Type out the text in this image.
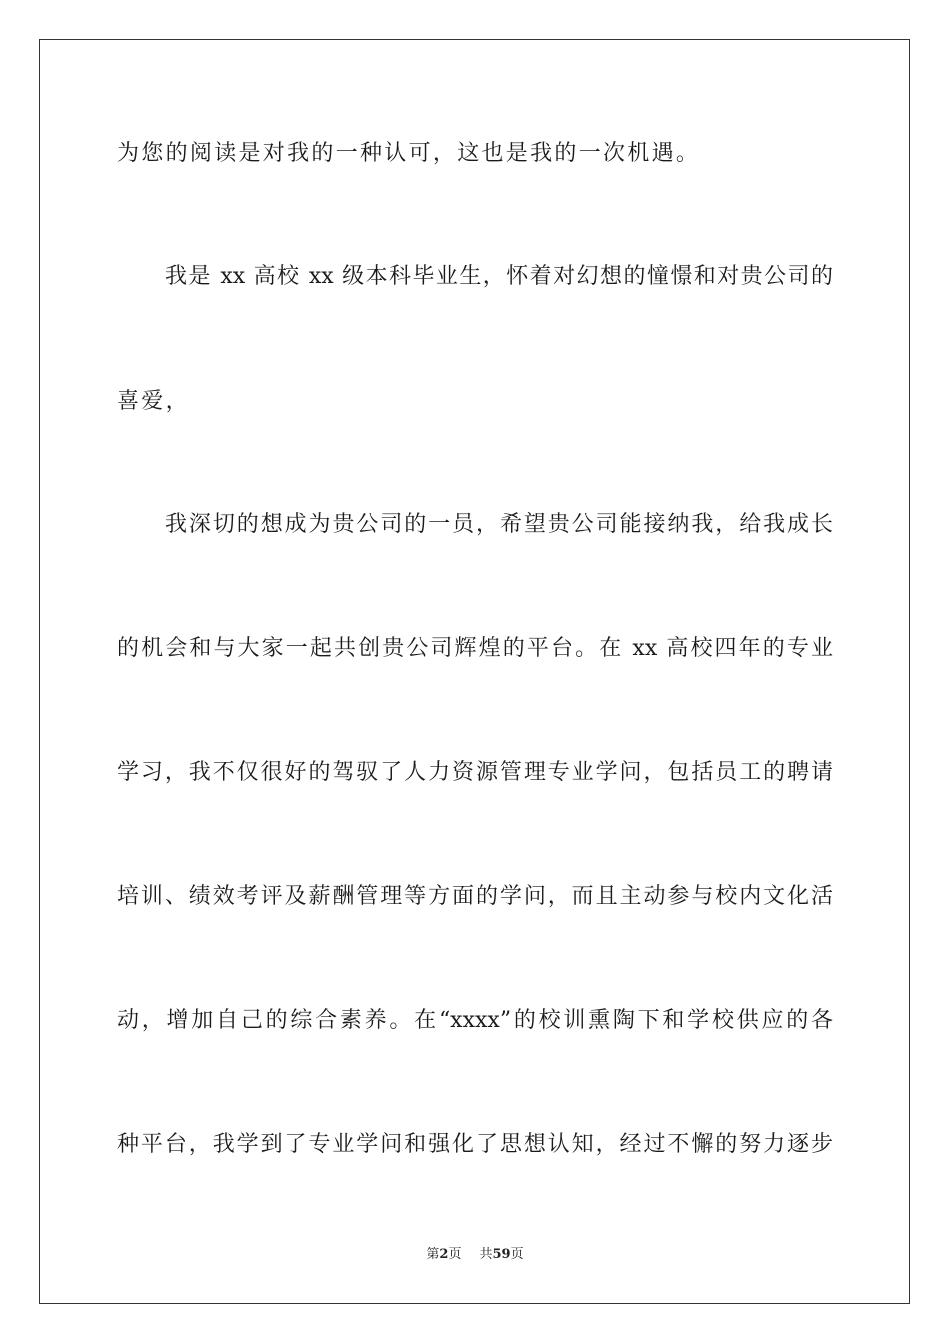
为您的阅读是对我的一种认可，这也是我的一次机遇。
我是 xx 高校 xx 级本科毕业生，怀着对幻想的憧憬和对贵公司的
喜爱，
我深切的想成为贵公司的一员，希望贵公司能接纳我，给我成长
的机会和与大家一起共创贵公司辉煌的平台。在 xx 高校四年的专业
学习，我不仅很好的驾驭了人力资源管理专业学问，包括员工的聘请
培训、绩效考评及薪酬管理等方面的学问，而且主动参与校内文化活
动，增加自己的综合素养。在“xxxx”的校训熏陶下和学校供应的各
种平台，我学到了专业学问和强化了思想认知，经过不懈的努力逐步
第2页 共59页
